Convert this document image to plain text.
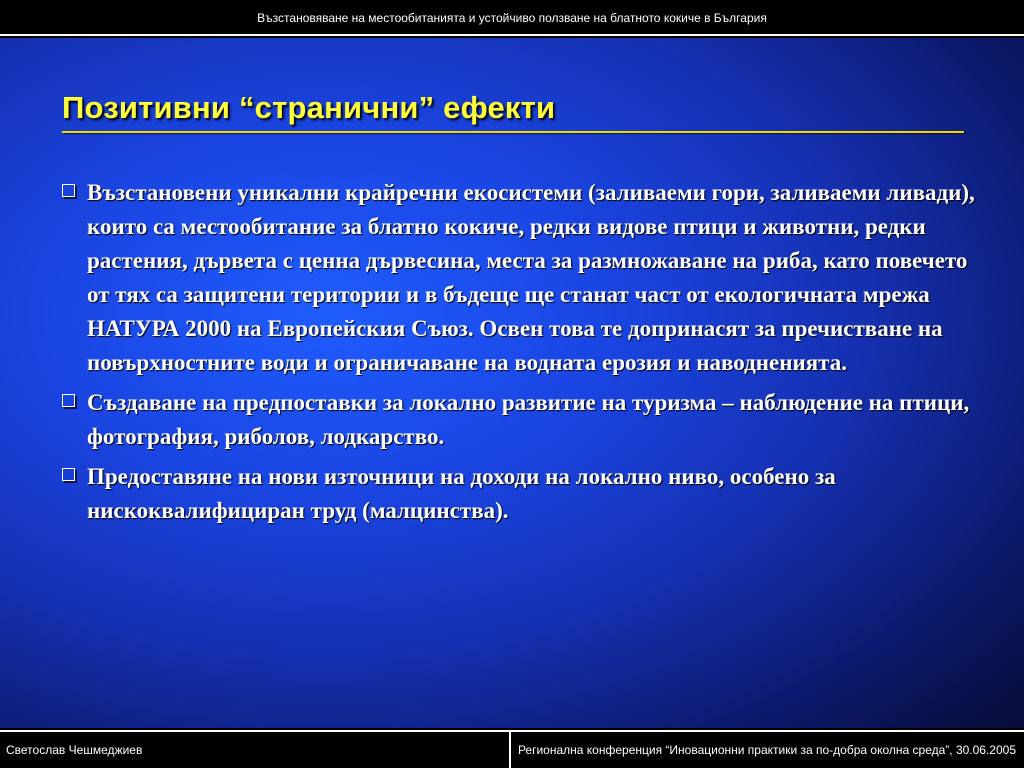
Възстановяване на местообитанията и устойчиво ползване на блатното кокиче в България
Позитивни “странични” ефекти
Възстановени уникални крайречни екосистеми (заливаеми гори, заливаеми ливади), които са местообитание за блатно кокиче, редки видове птици и животни, редки растения, дървета с ценна дървесина, места за размножаване на риба, като повечето от тях са защитени територии и в бъдеще ще станат част от екологичната мрежа НАТУРА 2000 на Европейския Съюз. Освен това те допринасят за пречистване на повърхностните води и ограничаване на водната ерозия и наводненията.
Създаване на предпоставки за локално развитие на туризма – наблюдение на птици, фотография, риболов, лодкарство.
Предоставяне на нови източници на доходи на локално ниво, особено за нискоквалифициран труд (малцинства).
Светослав Чешмеджиев	Регионална конференция “Иновационни практики за по-добра околна среда”, 30.06.2005
